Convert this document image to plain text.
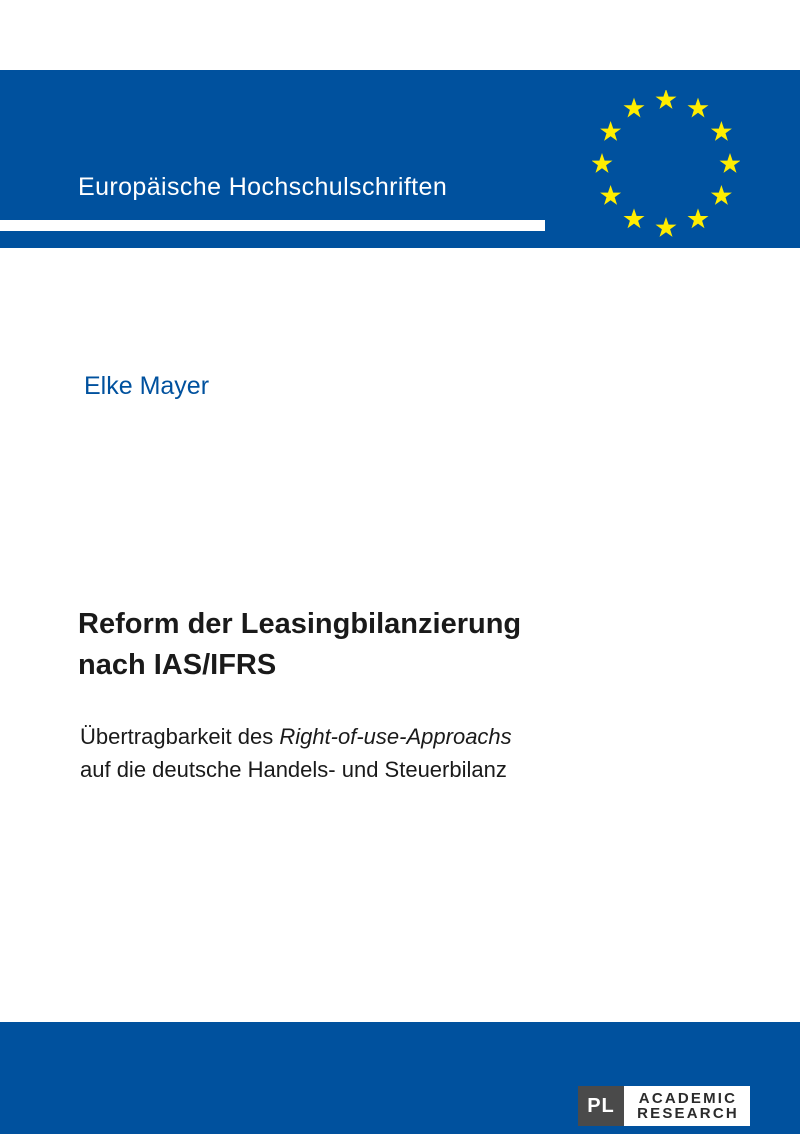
Europäische Hochschulschriften
Rechtswissenschaft
Elke Mayer
Reform der Leasingbilanzierung
nach IAS/IFRS
Übertragbarkeit des Right-of-use-Approachs
auf die deutsche Handels- und Steuerbilanz
PL	ACADEMIC
RESEARCH
